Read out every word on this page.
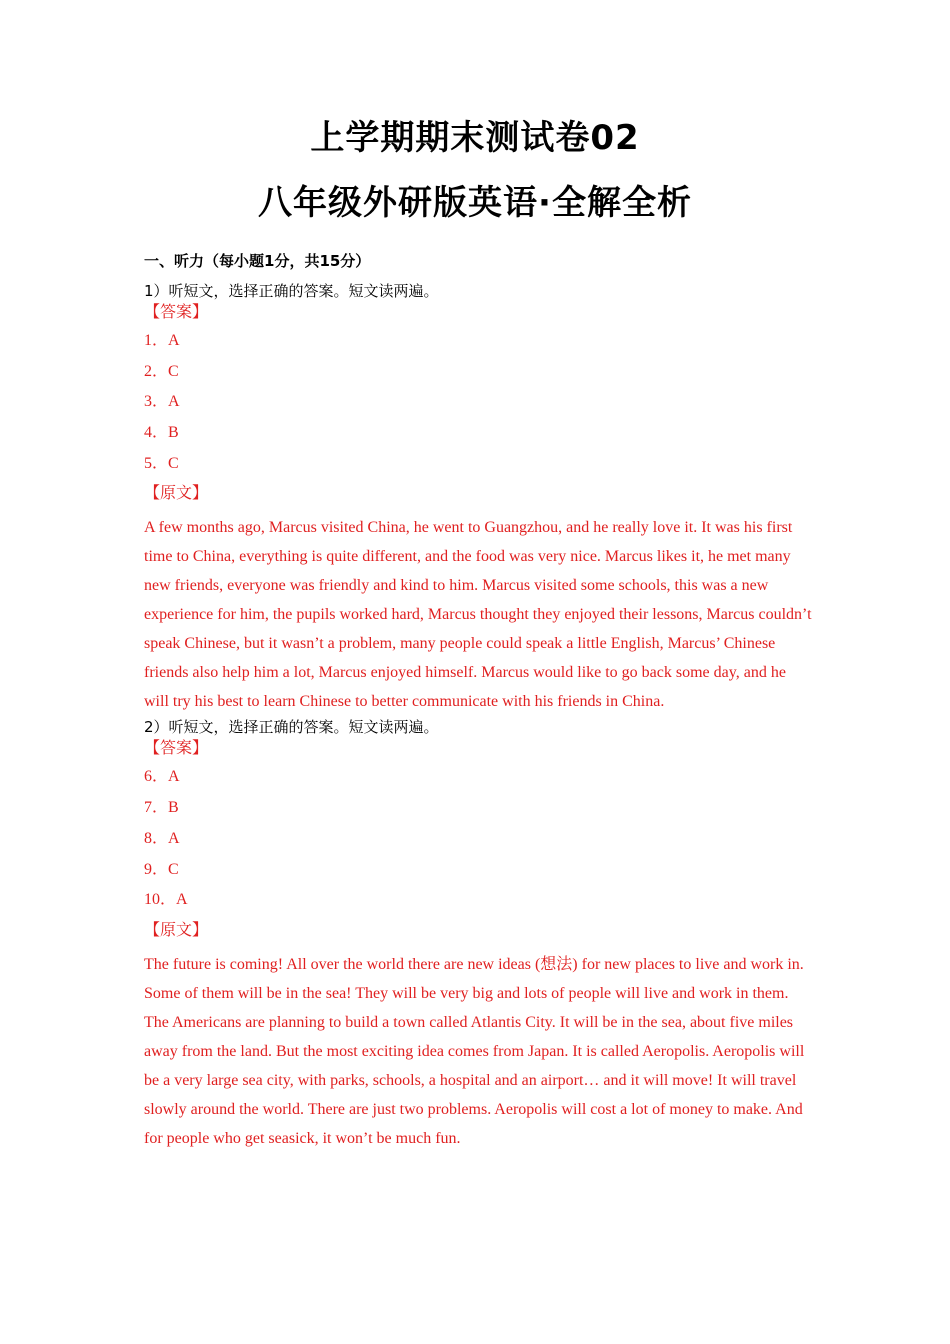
上学期期末测试卷02
八年级外研版英语·全解全析
一、听力（每小题1分，共15分）
1）听短文，选择正确的答案。短文读两遍。
【答案】
1．A
2．C
3．A
4．B
5．C
【原文】

A few months ago, Marcus visited China, he went to Guangzhou, and he really love it. It was his first time to China, everything is quite different, and the food was very nice. Marcus likes it, he met many new friends, everyone was friendly and kind to him. Marcus visited some schools, this was a new experience for him, the pupils worked hard, Marcus thought they enjoyed their lessons, Marcus couldn’t speak Chinese, but it wasn’t a problem, many people could speak a little English, Marcus’ Chinese friends also help him a lot, Marcus enjoyed himself. Marcus would like to go back some day, and he will try his best to learn Chinese to better communicate with his friends in China.

2）听短文，选择正确的答案。短文读两遍。
【答案】
6．A
7．B
8．A
9．C
10．A
【原文】

The future is coming! All over the world there are new ideas (想法) for new places to live and work in. Some of them will be in the sea! They will be very big and lots of people will live and work in them. The Americans are planning to build a town called Atlantis City. It will be in the sea, about five miles away from the land. But the most exciting idea comes from Japan. It is called Aeropolis. Aeropolis will be a very large sea city, with parks, schools, a hospital and an airport… and it will move! It will travel slowly around the world. There are just two problems. Aeropolis will cost a lot of money to make. And for people who get seasick, it won’t be much fun.
